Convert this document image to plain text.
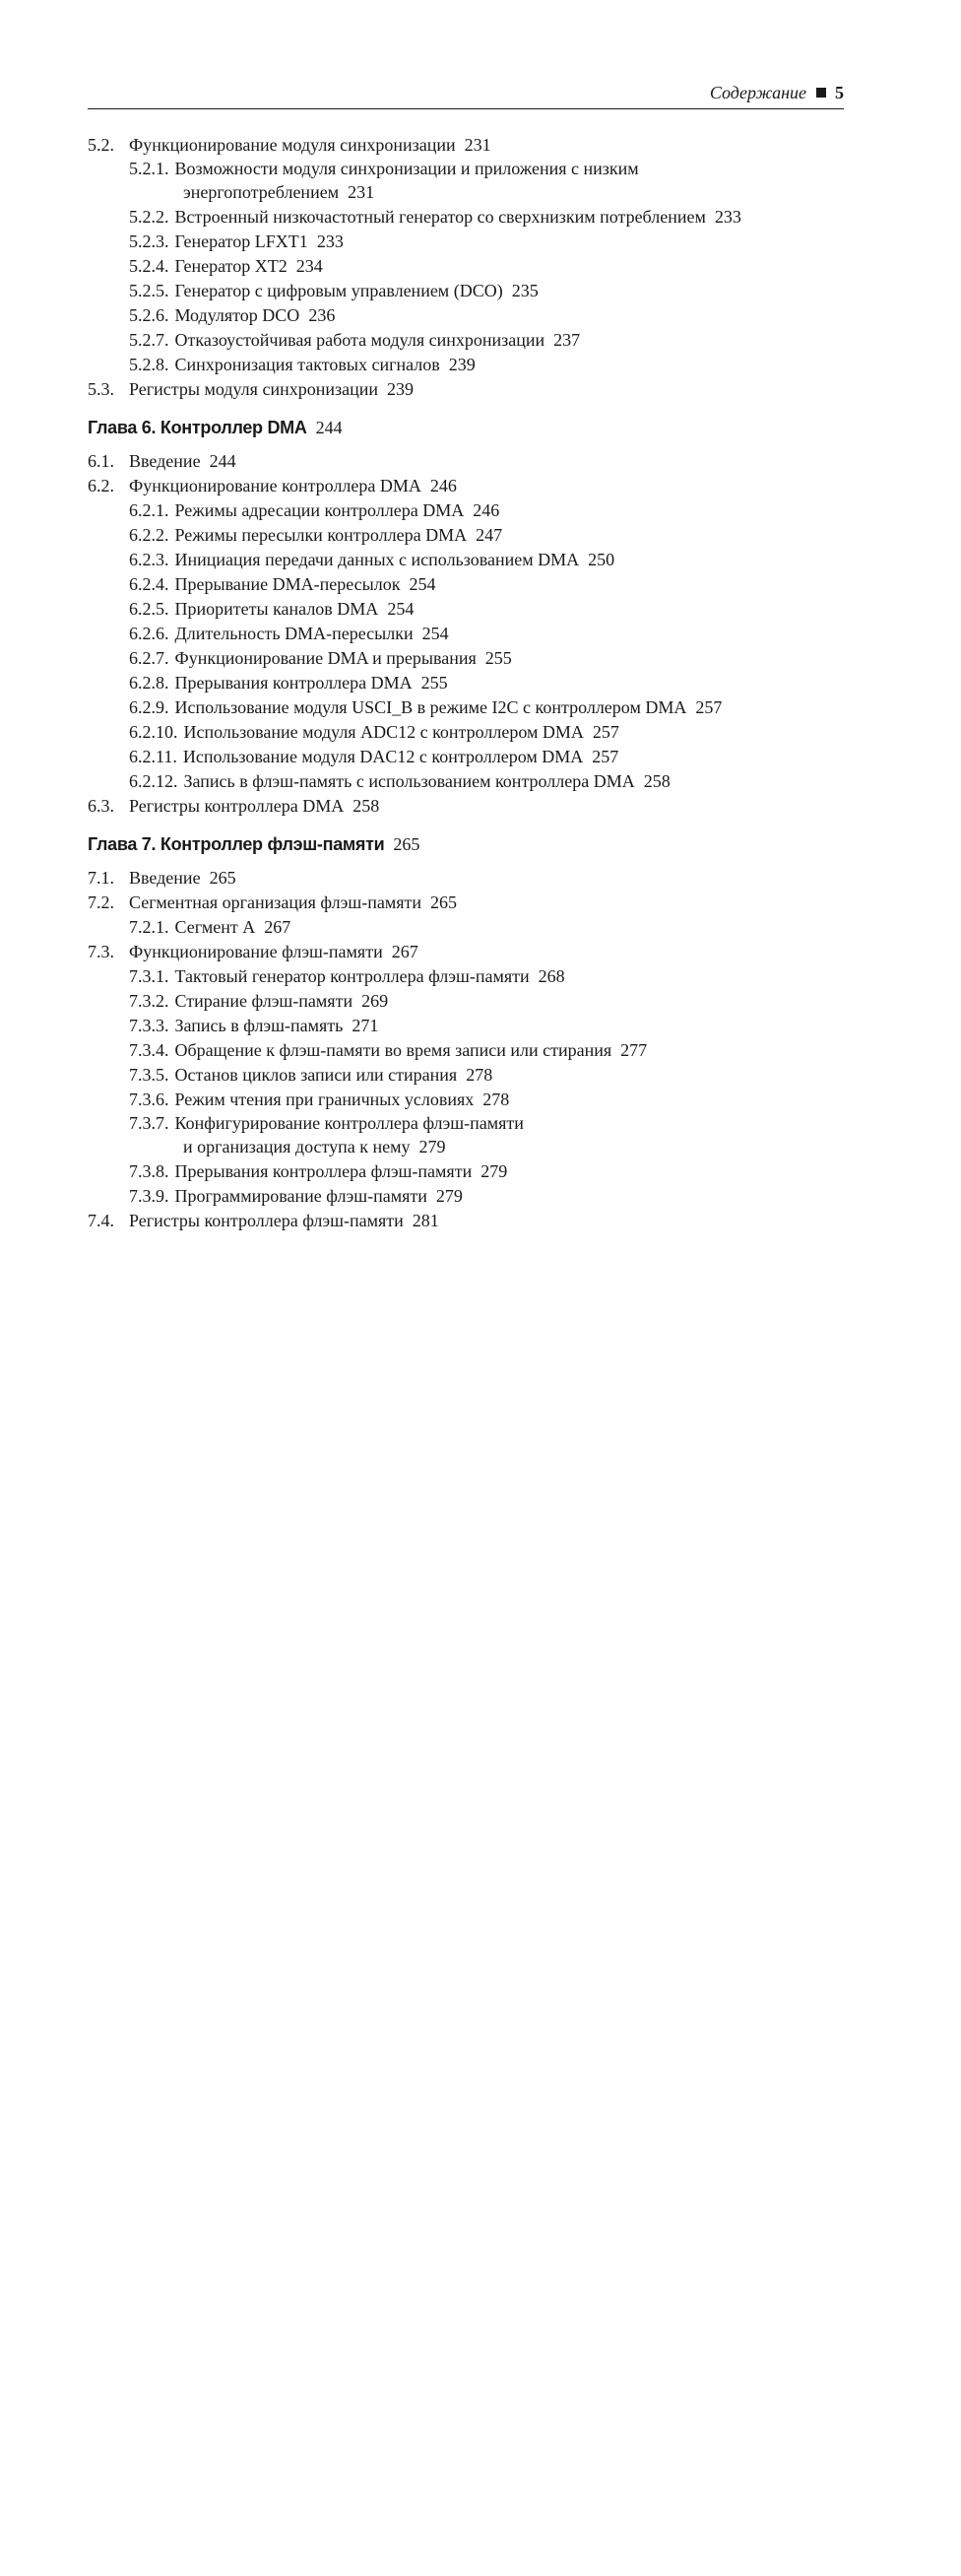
Содержание 5
5.2. Функционирование модуля синхронизации 231
5.2.1. Возможности модуля синхронизации и приложения с низким
энергопотреблением 231
5.2.2. Встроенный низкочастотный генератор со сверхнизким потреблением 233
5.2.3. Генератор LFXT1 233
5.2.4. Генератор XT2 234
5.2.5. Генератор с цифровым управлением (DCO) 235
5.2.6. Модулятор DCO 236
5.2.7. Отказоустойчивая работа модуля синхронизации 237
5.2.8. Синхронизация тактовых сигналов 239
5.3. Регистры модуля синхронизации 239
Глава 6. Контроллер DMA 244
6.1. Введение 244
6.2. Функционирование контроллера DMA 246
6.2.1. Режимы адресации контроллера DMA 246
6.2.2. Режимы пересылки контроллера DMA 247
6.2.3. Инициация передачи данных с использованием DMA 250
6.2.4. Прерывание DMA-пересылок 254
6.2.5. Приоритеты каналов DMA 254
6.2.6. Длительность DMA-пересылки 254
6.2.7. Функционирование DMA и прерывания 255
6.2.8. Прерывания контроллера DMA 255
6.2.9. Использование модуля USCI_B в режиме I2C с контроллером DMA 257
6.2.10. Использование модуля ADC12 с контроллером DMA 257
6.2.11. Использование модуля DAC12 с контроллером DMA 257
6.2.12. Запись в флэш-память с использованием контроллера DMA 258
6.3. Регистры контроллера DMA 258
Глава 7. Контроллер флэш-памяти 265
7.1. Введение 265
7.2. Сегментная организация флэш-памяти 265
7.2.1. Сегмент A 267
7.3. Функционирование флэш-памяти 267
7.3.1. Тактовый генератор контроллера флэш-памяти 268
7.3.2. Стирание флэш-памяти 269
7.3.3. Запись в флэш-память 271
7.3.4. Обращение к флэш-памяти во время записи или стирания 277
7.3.5. Останов циклов записи или стирания 278
7.3.6. Режим чтения при граничных условиях 278
7.3.7. Конфигурирование контроллера флэш-памяти
и организация доступа к нему 279
7.3.8. Прерывания контроллера флэш-памяти 279
7.3.9. Программирование флэш-памяти 279
7.4. Регистры контроллера флэш-памяти 281
